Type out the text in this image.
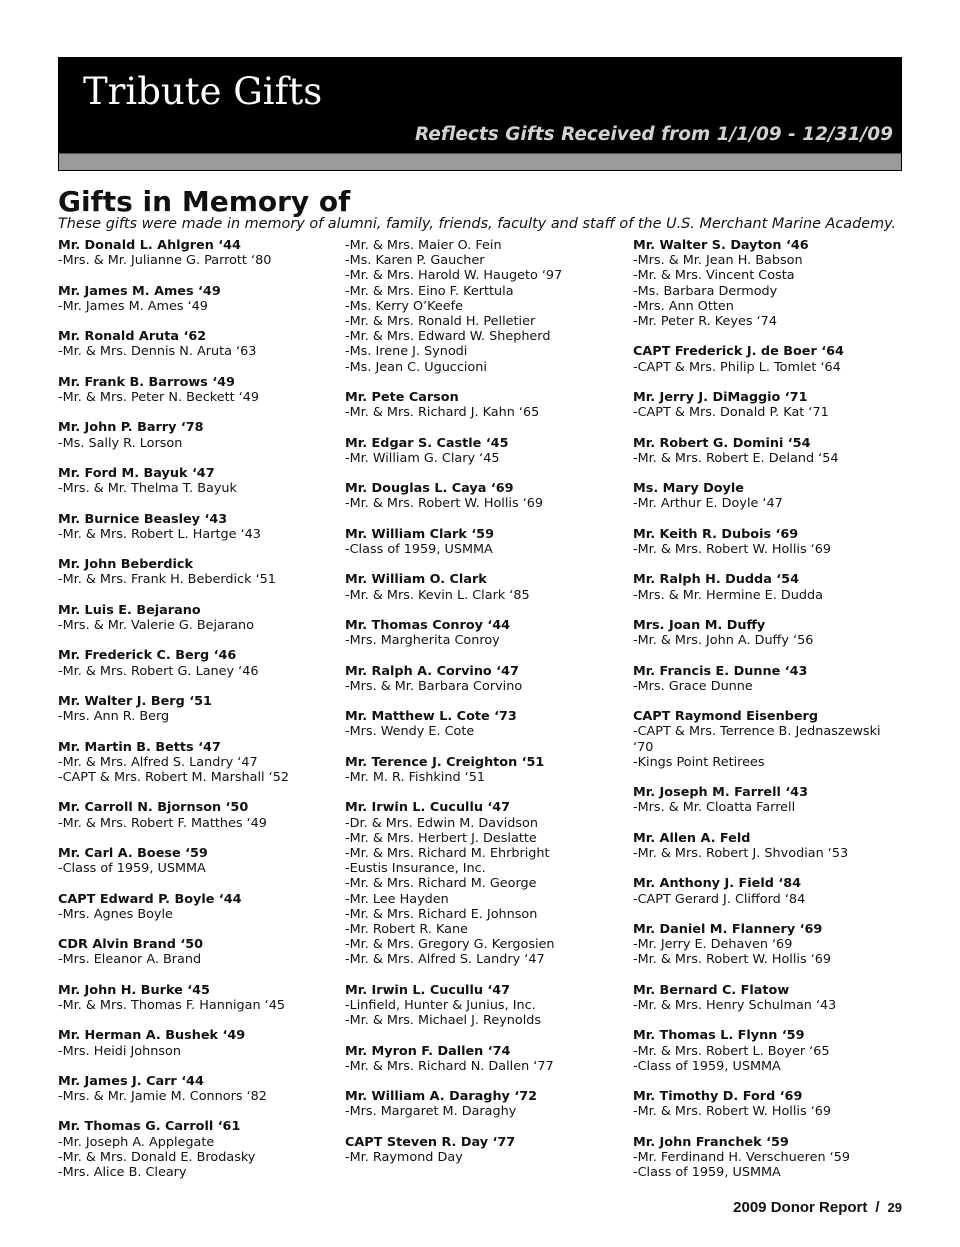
Tribute Gifts

Reflects Gifts Received from 1/1/09 - 12/31/09

Gifts in Memory of

These gifts were made in memory of alumni, family, friends, faculty and staff of the U.S. Merchant Marine Academy.

Mr. Donald L. Ahlgren ‘44
-Mrs. & Mr. Julianne G. Parrott ‘80
Mr. James M. Ames ‘49
-Mr. James M. Ames ‘49
Mr. Ronald Aruta ‘62
-Mr. & Mrs. Dennis N. Aruta ‘63
Mr. Frank B. Barrows ‘49
-Mr. & Mrs. Peter N. Beckett ‘49
Mr. John P. Barry ‘78
-Ms. Sally R. Lorson
Mr. Ford M. Bayuk ‘47
-Mrs. & Mr. Thelma T. Bayuk
Mr. Burnice Beasley ‘43
-Mr. & Mrs. Robert L. Hartge ‘43
Mr. John Beberdick
-Mr. & Mrs. Frank H. Beberdick ‘51
Mr. Luis E. Bejarano
-Mrs. & Mr. Valerie G. Bejarano
Mr. Frederick C. Berg ‘46
-Mr. & Mrs. Robert G. Laney ‘46
Mr. Walter J. Berg ‘51
-Mrs. Ann R. Berg
Mr. Martin B. Betts ‘47
-Mr. & Mrs. Alfred S. Landry ‘47
-CAPT & Mrs. Robert M. Marshall ‘52
Mr. Carroll N. Bjornson ‘50
-Mr. & Mrs. Robert F. Matthes ‘49
Mr. Carl A. Boese ‘59
-Class of 1959, USMMA
CAPT Edward P. Boyle ‘44
-Mrs. Agnes Boyle
CDR Alvin Brand ‘50
-Mrs. Eleanor A. Brand
Mr. John H. Burke ‘45
-Mr. & Mrs. Thomas F. Hannigan ‘45
Mr. Herman A. Bushek ‘49
-Mrs. Heidi Johnson
Mr. James J. Carr ‘44
-Mrs. & Mr. Jamie M. Connors ‘82
Mr. Thomas G. Carroll ‘61
-Mr. Joseph A. Applegate
-Mr. & Mrs. Donald E. Brodasky
-Mrs. Alice B. Cleary
-Mr. & Mrs. Maier O. Fein
-Ms. Karen P. Gaucher
-Mr. & Mrs. Harold W. Haugeto ‘97
-Mr. & Mrs. Eino F. Kerttula
-Ms. Kerry O’Keefe
-Mr. & Mrs. Ronald H. Pelletier
-Mr. & Mrs. Edward W. Shepherd
-Ms. Irene J. Synodi
-Ms. Jean C. Uguccioni
Mr. Pete Carson
-Mr. & Mrs. Richard J. Kahn ‘65
Mr. Edgar S. Castle ‘45
-Mr. William G. Clary ‘45
Mr. Douglas L. Caya ‘69
-Mr. & Mrs. Robert W. Hollis ‘69
Mr. William Clark ‘59
-Class of 1959, USMMA
Mr. William O. Clark
-Mr. & Mrs. Kevin L. Clark ‘85
Mr. Thomas Conroy ‘44
-Mrs. Margherita Conroy
Mr. Ralph A. Corvino ‘47
-Mrs. & Mr. Barbara Corvino
Mr. Matthew L. Cote ‘73
-Mrs. Wendy E. Cote
Mr. Terence J. Creighton ‘51
-Mr. M. R. Fishkind ‘51
Mr. Irwin L. Cucullu ‘47
-Dr. & Mrs. Edwin M. Davidson
-Mr. & Mrs. Herbert J. Deslatte
-Mr. & Mrs. Richard M. Ehrbright
-Eustis Insurance, Inc.
-Mr. & Mrs. Richard M. George
-Mr. Lee Hayden
-Mr. & Mrs. Richard E. Johnson
-Mr. Robert R. Kane
-Mr. & Mrs. Gregory G. Kergosien
-Mr. & Mrs. Alfred S. Landry ‘47
Mr. Irwin L. Cucullu ‘47
-Linfield, Hunter & Junius, Inc.
-Mr. & Mrs. Michael J. Reynolds
Mr. Myron F. Dallen ‘74
-Mr. & Mrs. Richard N. Dallen ‘77
Mr. William A. Daraghy ‘72
-Mrs. Margaret M. Daraghy
CAPT Steven R. Day ‘77
-Mr. Raymond Day
Mr. Walter S. Dayton ‘46
-Mrs. & Mr. Jean H. Babson
-Mr. & Mrs. Vincent Costa
-Ms. Barbara Dermody
-Mrs. Ann Otten
-Mr. Peter R. Keyes ‘74
CAPT Frederick J. de Boer ‘64
-CAPT & Mrs. Philip L. Tomlet ‘64
Mr. Jerry J. DiMaggio ‘71
-CAPT & Mrs. Donald P. Kat ‘71
Mr. Robert G. Domini ‘54
-Mr. & Mrs. Robert E. Deland ‘54
Ms. Mary Doyle
-Mr. Arthur E. Doyle ‘47
Mr. Keith R. Dubois ‘69
-Mr. & Mrs. Robert W. Hollis ‘69
Mr. Ralph H. Dudda ‘54
-Mrs. & Mr. Hermine E. Dudda
Mrs. Joan M. Duffy
-Mr. & Mrs. John A. Duffy ‘56
Mr. Francis E. Dunne ‘43
-Mrs. Grace Dunne
CAPT Raymond Eisenberg
-CAPT & Mrs. Terrence B. Jednaszewski ‘70
-Kings Point Retirees
Mr. Joseph M. Farrell ‘43
-Mrs. & Mr. Cloatta Farrell
Mr. Allen A. Feld
-Mr. & Mrs. Robert J. Shvodian ‘53
Mr. Anthony J. Field ‘84
-CAPT Gerard J. Clifford ‘84
Mr. Daniel M. Flannery ‘69
-Mr. Jerry E. Dehaven ‘69
-Mr. & Mrs. Robert W. Hollis ‘69
Mr. Bernard C. Flatow
-Mr. & Mrs. Henry Schulman ‘43
Mr. Thomas L. Flynn ‘59
-Mr. & Mrs. Robert L. Boyer ‘65
-Class of 1959, USMMA
Mr. Timothy D. Ford ‘69
-Mr. & Mrs. Robert W. Hollis ‘69
Mr. John Franchek ‘59
-Mr. Ferdinand H. Verschueren ‘59
-Class of 1959, USMMA
2009 Donor Report / 29
